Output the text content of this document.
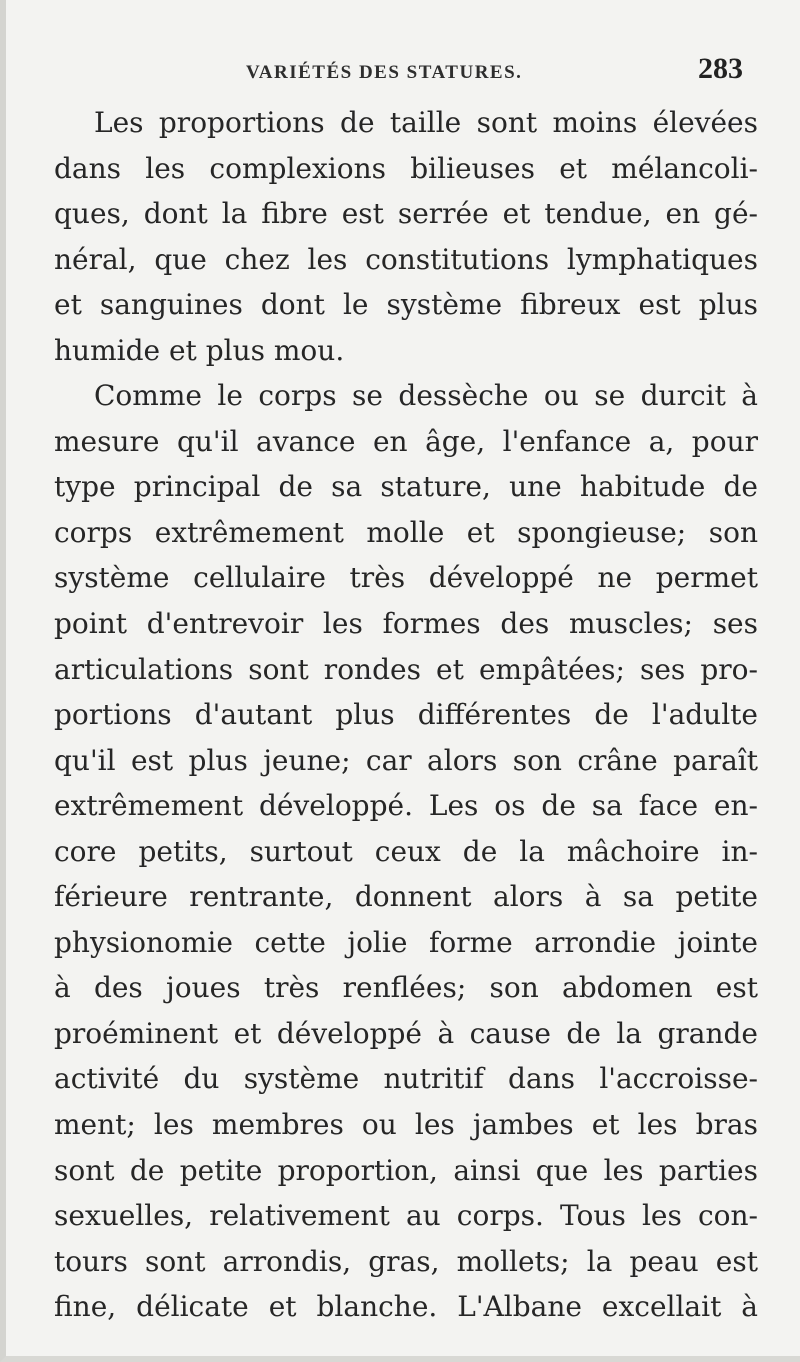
VARIÉTÉS DES STATURES.	283
Les proportions de taille sont moins élevées
dans les complexions bilieuses et mélancoli-
ques, dont la fibre est serrée et tendue, en gé-
néral, que chez les constitutions lymphatiques
et sanguines dont le système fibreux est plus
humide et plus mou.
Comme le corps se dessèche ou se durcit à
mesure qu'il avance en âge, l'enfance a, pour
type principal de sa stature, une habitude de
corps extrêmement molle et spongieuse; son
système cellulaire très développé ne permet
point d'entrevoir les formes des muscles; ses
articulations sont rondes et empâtées; ses pro-
portions d'autant plus différentes de l'adulte
qu'il est plus jeune; car alors son crâne paraît
extrêmement développé. Les os de sa face en-
core petits, surtout ceux de la mâchoire in-
férieure rentrante, donnent alors à sa petite
physionomie cette jolie forme arrondie jointe
à des joues très renflées; son abdomen est
proéminent et développé à cause de la grande
activité du système nutritif dans l'accroisse-
ment; les membres ou les jambes et les bras
sont de petite proportion, ainsi que les parties
sexuelles, relativement au corps. Tous les con-
tours sont arrondis, gras, mollets; la peau est
fine, délicate et blanche. L'Albane excellait à
